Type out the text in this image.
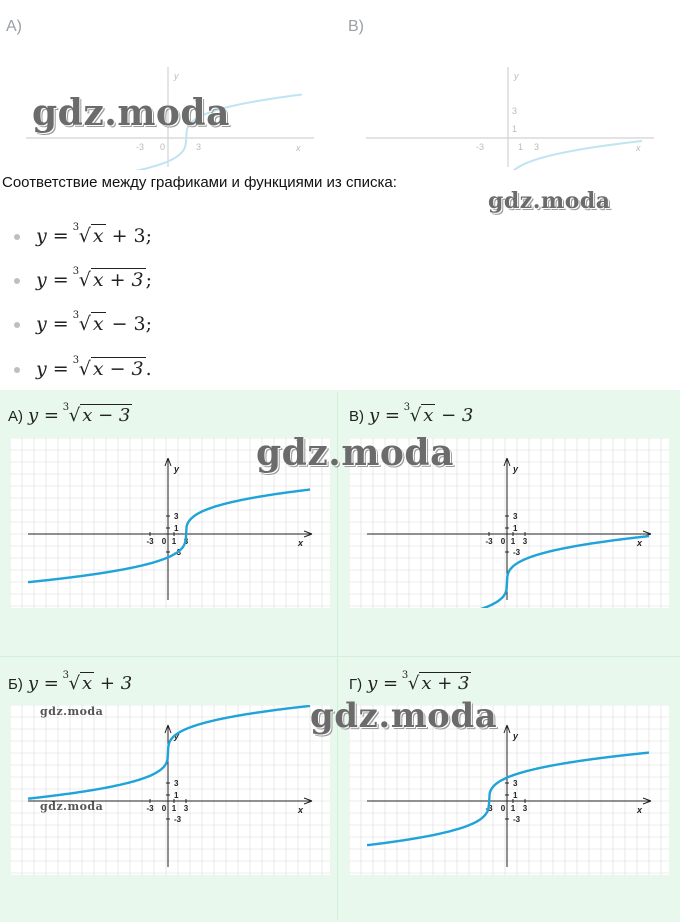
А)	В)
y
x
-3 0	3
y
x
-3
3
1
1 3
gdz.moda
Соответствие между графиками и функциями из списка:
gdz.moda
y =
3 √ x + 3;
y =
3 √ x + 3 ;
y =
3 √ x − 3;
y =
3 √ x − 3 .
А) y =
3 √ x − 3	В) y =
3 √ x − 3
Б) y =
3 √ x + 3	Г) y =
3 √ x + 3
x
y
-3 0 1 3
3
1
-3
x
y
-3 0 1 3
3
1
-3
x
y
-3 0 1 3
3
1
-3
x
y
-3 0 1 3
3
1
-3
gdz.moda
gdz.moda
gdz.moda
gdz.moda
